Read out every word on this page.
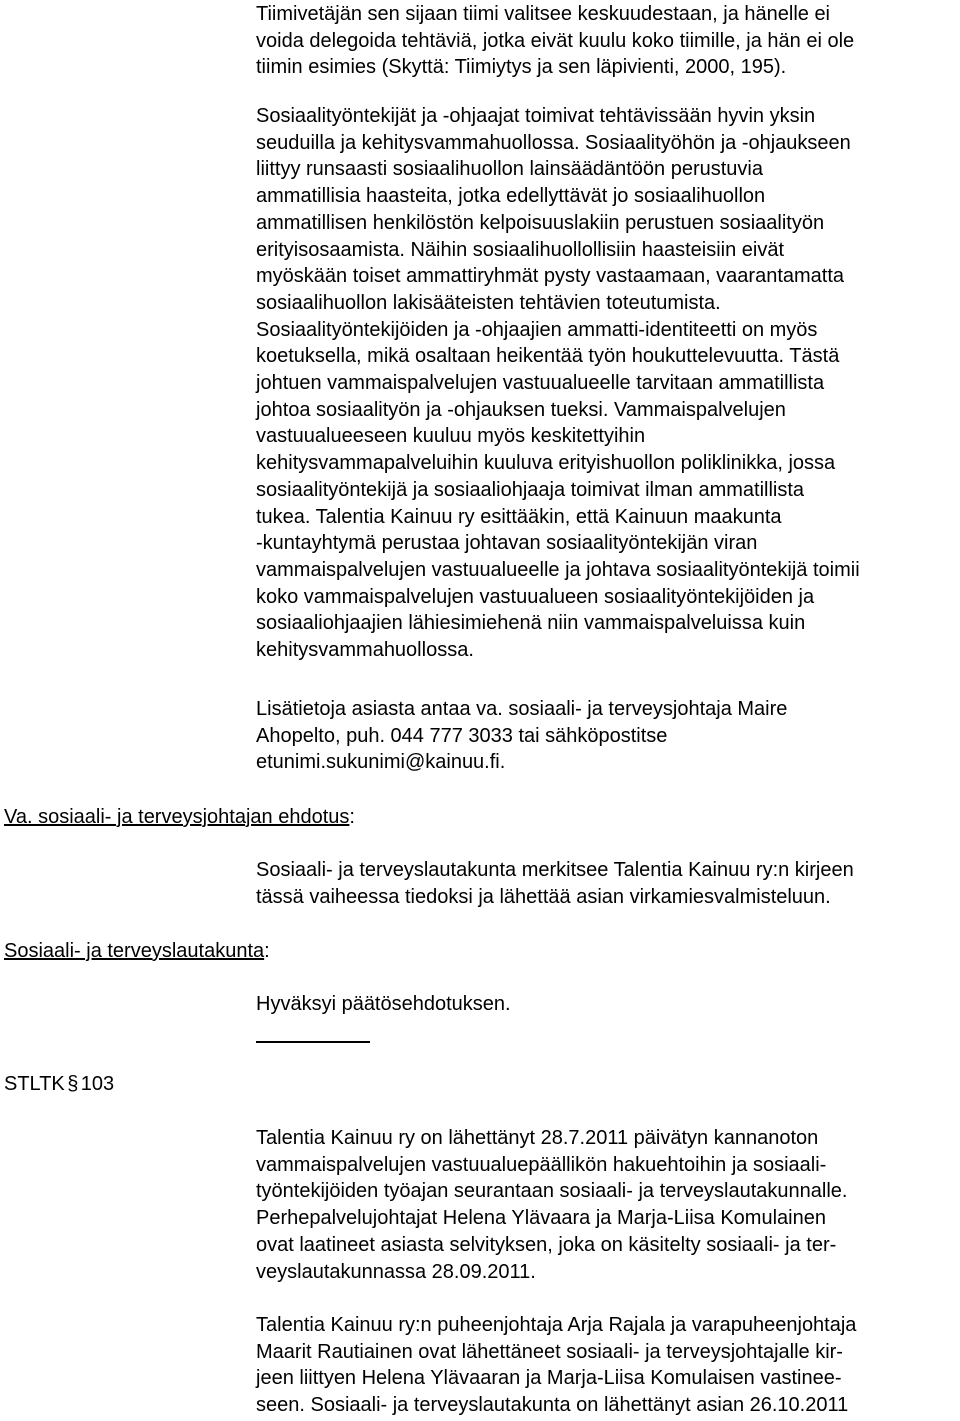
Tiimivetäjän sen sijaan tiimi valitsee keskuudestaan, ja hänelle ei
voida delegoida tehtäviä, jotka eivät kuulu koko tiimille, ja hän ei ole
tiimin esimies (Skyttä: Tiimiytys ja sen läpivienti, 2000, 195).
Sosiaalityöntekijät ja -ohjaajat toimivat tehtävissään hyvin yksin
seuduilla ja kehitysvammahuollossa. Sosiaalityöhön ja -ohjaukseen
liittyy runsaasti sosiaalihuollon lainsäädäntöön perustuvia
ammatillisia haasteita, jotka edellyttävät jo sosiaalihuollon
ammatillisen henkilöstön kelpoisuuslakiin perustuen sosiaalityön
erityisosaamista. Näihin sosiaalihuollollisiin haasteisiin eivät
myöskään toiset ammattiryhmät pysty vastaamaan, vaarantamatta
sosiaalihuollon lakisääteisten tehtävien toteutumista.
Sosiaalityöntekijöiden ja -ohjaajien ammatti-identiteetti on myös
koetuksella, mikä osaltaan heikentää työn houkuttelevuutta. Tästä
johtuen vammaispalvelujen vastuualueelle tarvitaan ammatillista
johtoa sosiaalityön ja -ohjauksen tueksi. Vammaispalvelujen
vastuualueeseen kuuluu myös keskitettyihin
kehitysvammapalveluihin kuuluva erityishuollon poliklinikka, jossa
sosiaalityöntekijä ja sosiaaliohjaaja toimivat ilman ammatillista
tukea. Talentia Kainuu ry esittääkin, että Kainuun maakunta
-kuntayhtymä perustaa johtavan sosiaalityöntekijän viran
vammaispalvelujen vastuualueelle ja johtava sosiaalityöntekijä toimii
koko vammaispalvelujen vastuualueen sosiaalityöntekijöiden ja
sosiaaliohjaajien lähiesimiehenä niin vammaispalveluissa kuin
kehitysvammahuollossa.
Lisätietoja asiasta antaa va. sosiaali- ja terveysjohtaja Maire
Ahopelto, puh. 044 777 3033 tai sähköpostitse
etunimi.sukunimi@kainuu.fi.
Va. sosiaali- ja terveysjohtajan ehdotus:
Sosiaali- ja terveyslautakunta:
STLTK § 103
Sosiaali- ja terveyslautakunta merkitsee Talentia Kainuu ry:n kirjeen
tässä vaiheessa tiedoksi ja lähettää asian virkamiesvalmisteluun.
Hyväksyi päätösehdotuksen.
Talentia Kainuu ry on lähettänyt 28.7.2011 päivätyn kannanoton
vammaispalvelujen vastuualuepäällikön hakuehtoihin ja sosiaali-
työntekijöiden työajan seurantaan sosiaali- ja terveyslautakunnalle.
Perhepalvelujohtajat Helena Ylävaara ja Marja-Liisa Komulainen
ovat laatineet asiasta selvityksen, joka on käsitelty sosiaali- ja ter-
veyslautakunnassa 28.09.2011.
Talentia Kainuu ry:n puheenjohtaja Arja Rajala ja varapuheenjohtaja
Maarit Rautiainen ovat lähettäneet sosiaali- ja terveysjohtajalle kir-
jeen liittyen Helena Ylävaaran ja Marja-Liisa Komulaisen vastinee-
seen. Sosiaali- ja terveyslautakunta on lähettänyt asian 26.10.2011
